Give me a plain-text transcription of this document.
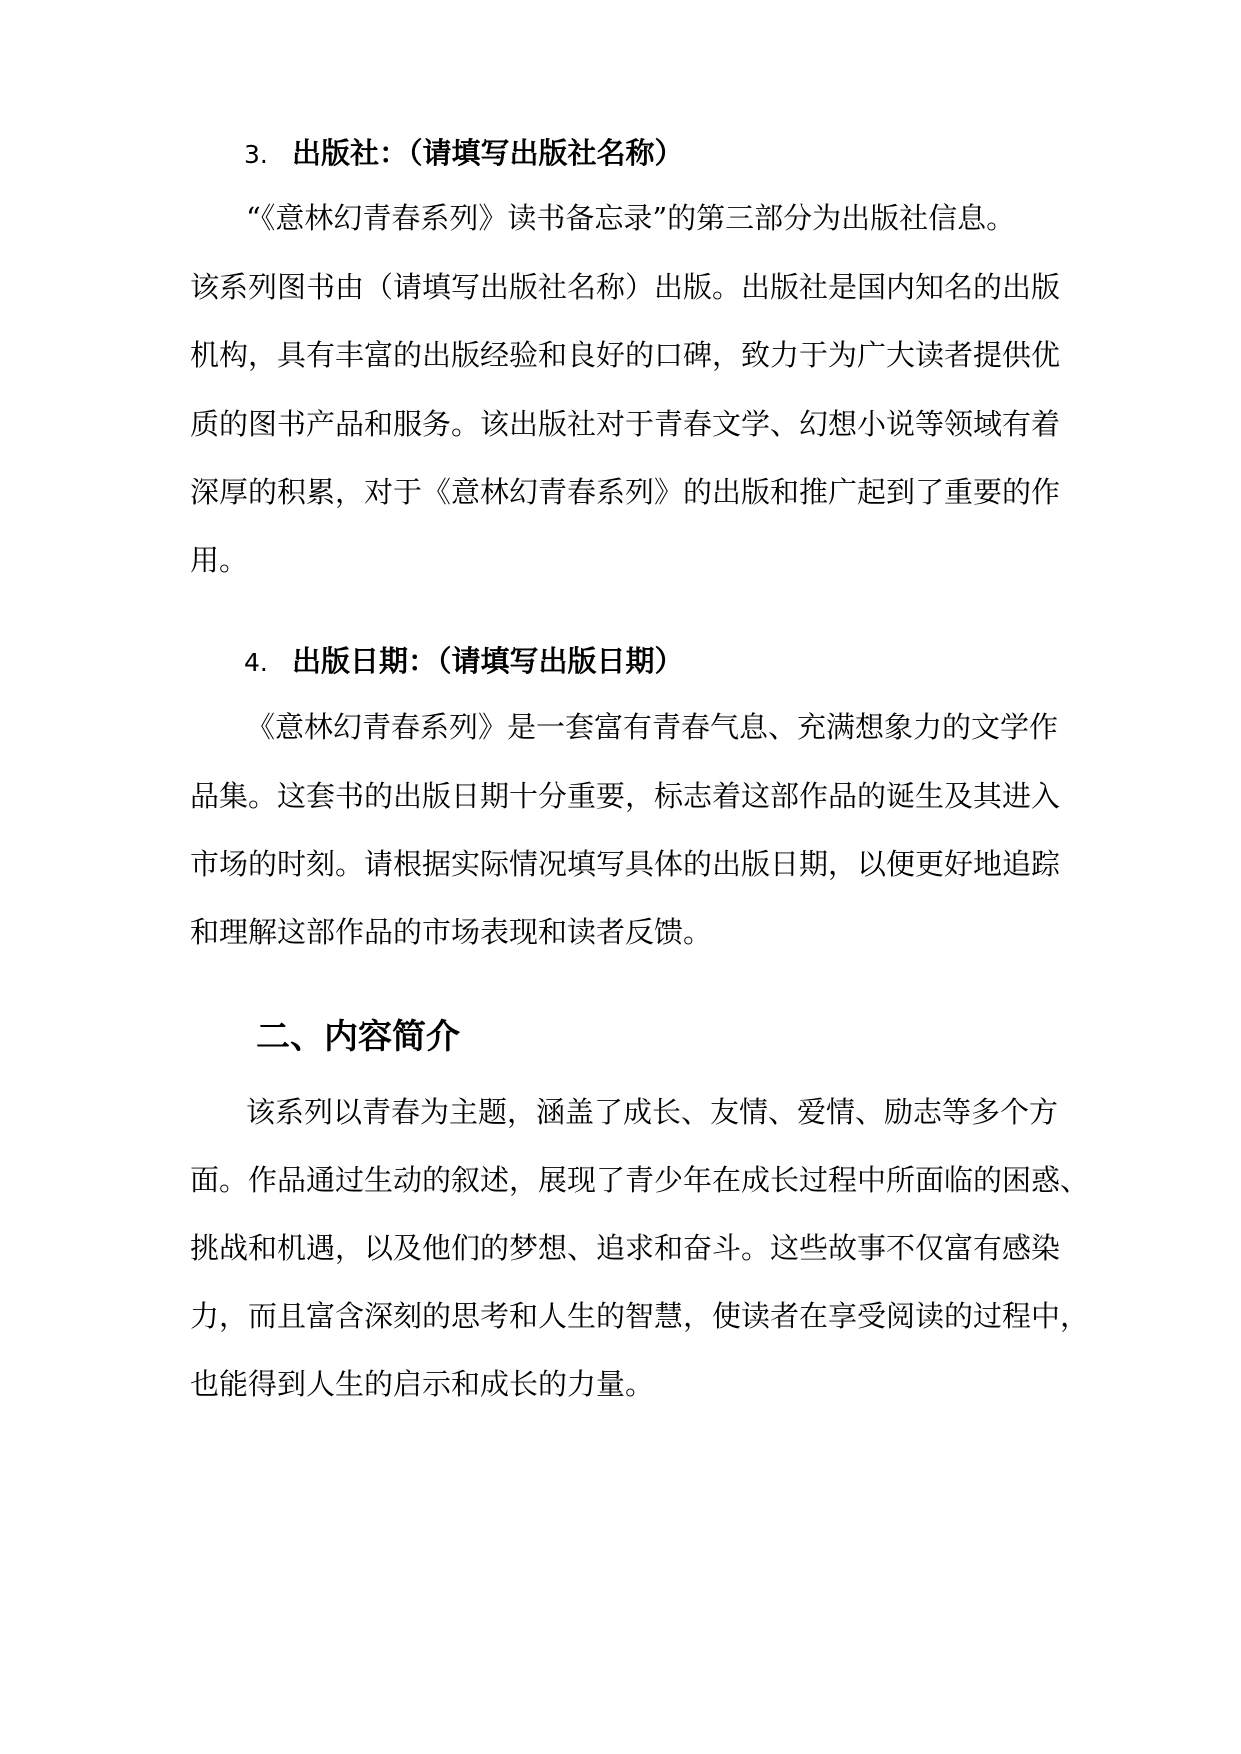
3. 出版社：（请填写出版社名称）
“《意林幻青春系列》读书备忘录”的第三部分为出版社信息。
该系列图书由（请填写出版社名称）出版。出版社是国内知名的出版
机构，具有丰富的出版经验和良好的口碑，致力于为广大读者提供优
质的图书产品和服务。该出版社对于青春文学、幻想小说等领域有着
深厚的积累，对于《意林幻青春系列》的出版和推广起到了重要的作
用。
4. 出版日期：（请填写出版日期）
《意林幻青春系列》是一套富有青春气息、充满想象力的文学作
品集。这套书的出版日期十分重要，标志着这部作品的诞生及其进入
市场的时刻。请根据实际情况填写具体的出版日期，以便更好地追踪
和理解这部作品的市场表现和读者反馈。
二、内容简介
该系列以青春为主题，涵盖了成长、友情、爱情、励志等多个方
面。作品通过生动的叙述，展现了青少年在成长过程中所面临的困惑、
挑战和机遇，以及他们的梦想、追求和奋斗。这些故事不仅富有感染
力，而且富含深刻的思考和人生的智慧，使读者在享受阅读的过程中，
也能得到人生的启示和成长的力量。
